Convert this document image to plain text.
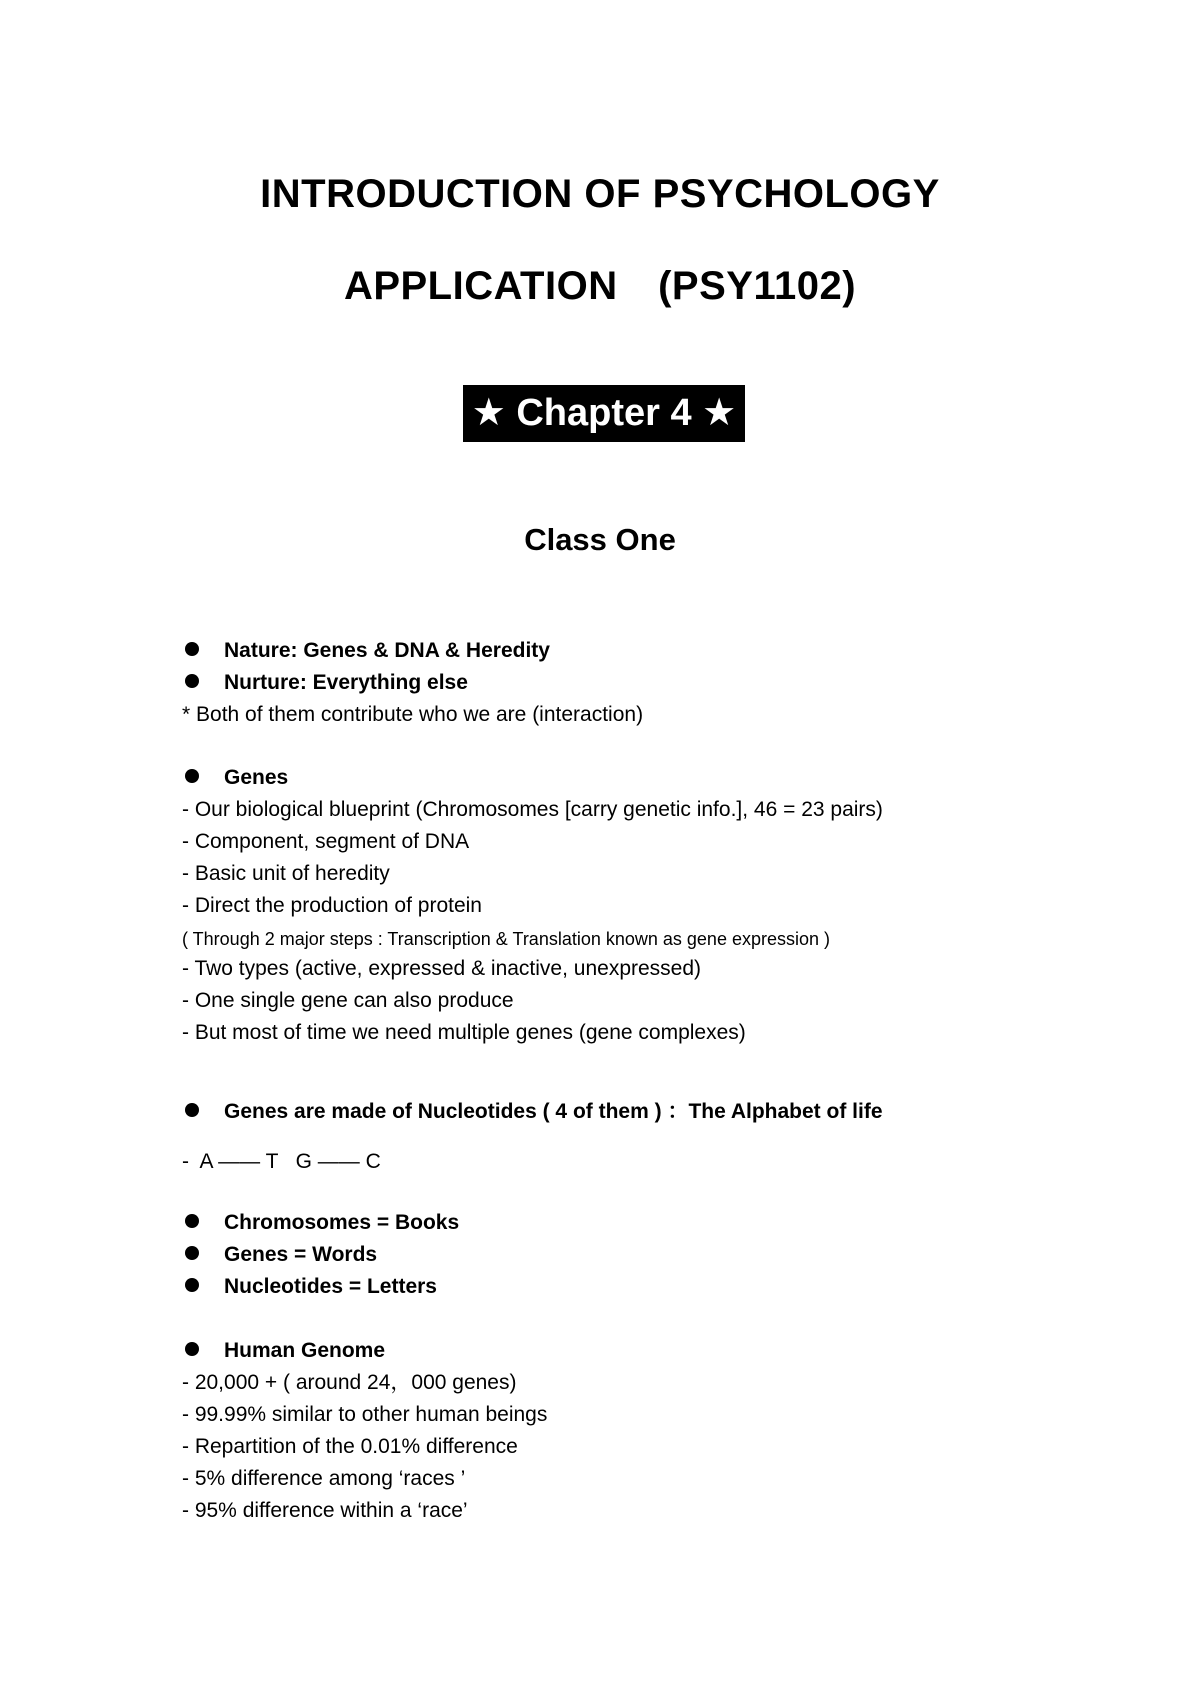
INTRODUCTION OF PSYCHOLOGY
APPLICATION　(PSY1102)
★ Chapter 4 ★
Class One
Nature: Genes & DNA & Heredity
Nurture: Everything else
* Both of them contribute who we are (interaction)
Genes
- Our biological blueprint (Chromosomes [carry genetic info.], 46 = 23 pairs)
- Component, segment of DNA
- Basic unit of heredity
- Direct the production of protein
( Through 2 major steps : Transcription & Translation known as gene expression )
- Two types (active, expressed & inactive, unexpressed)
- One single gene can also produce
- But most of time we need multiple genes (gene complexes)
Genes are made of Nucleotides ( 4 of them ) ：The Alphabet of life
-  A —— T   G —— C
Chromosomes = Books
Genes = Words
Nucleotides = Letters
Human Genome
- 20,000 + ( around 24，000 genes)
- 99.99% similar to other human beings
- Repartition of the 0.01% difference
- 5% difference among ‘races ’
- 95% difference within a ‘race’
